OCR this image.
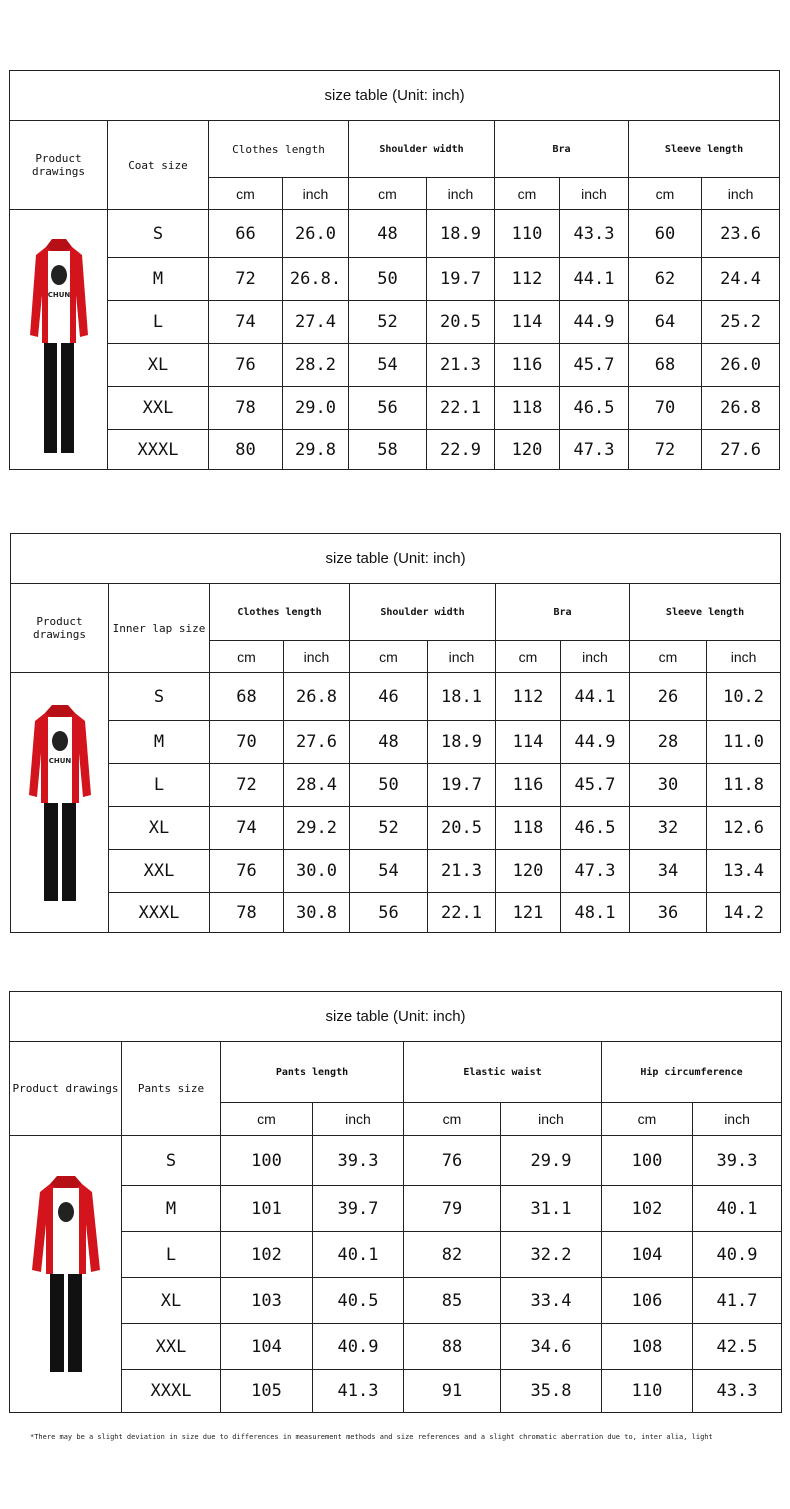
size table (Unit: inch)									
Product drawings	Coat size	Clothes length		Shoulder width		Bra		Sleeve length	
		cm	inch	cm	inch	cm	inch	cm	inch

CHUN	S	66	26.0	48	18.9	110	43.3	60	23.6
	M	72	26.8.	50	19.7	112	44.1	62	24.4
	L	74	27.4	52	20.5	114	44.9	64	25.2
	XL	76	28.2	54	21.3	116	45.7	68	26.0
	XXL	78	29.0	56	22.1	118	46.5	70	26.8
	XXXL	80	29.8	58	22.9	120	47.3	72	27.6
size table (Unit: inch)									
Product drawings	Inner lap size	Clothes length		Shoulder width		Bra		Sleeve length	
		cm	inch	cm	inch	cm	inch	cm	inch

CHUN	S	68	26.8	46	18.1	112	44.1	26	10.2
	M	70	27.6	48	18.9	114	44.9	28	11.0
	L	72	28.4	50	19.7	116	45.7	30	11.8
	XL	74	29.2	52	20.5	118	46.5	32	12.6
	XXL	76	30.0	54	21.3	120	47.3	34	13.4
	XXXL	78	30.8	56	22.1	121	48.1	36	14.2
size table (Unit: inch)							
Product drawings	Pants size	Pants length		Elastic waist		Hip circumference	
		cm	inch	cm	inch	cm	inch

	S	100	39.3	76	29.9	100	39.3
	M	101	39.7	79	31.1	102	40.1
	L	102	40.1	82	32.2	104	40.9
	XL	103	40.5	85	33.4	106	41.7
	XXL	104	40.9	88	34.6	108	42.5
	XXXL	105	41.3	91	35.8	110	43.3
*There may be a slight deviation in size due to differences in measurement methods and size references and a slight chromatic aberration due to, inter alia, light
